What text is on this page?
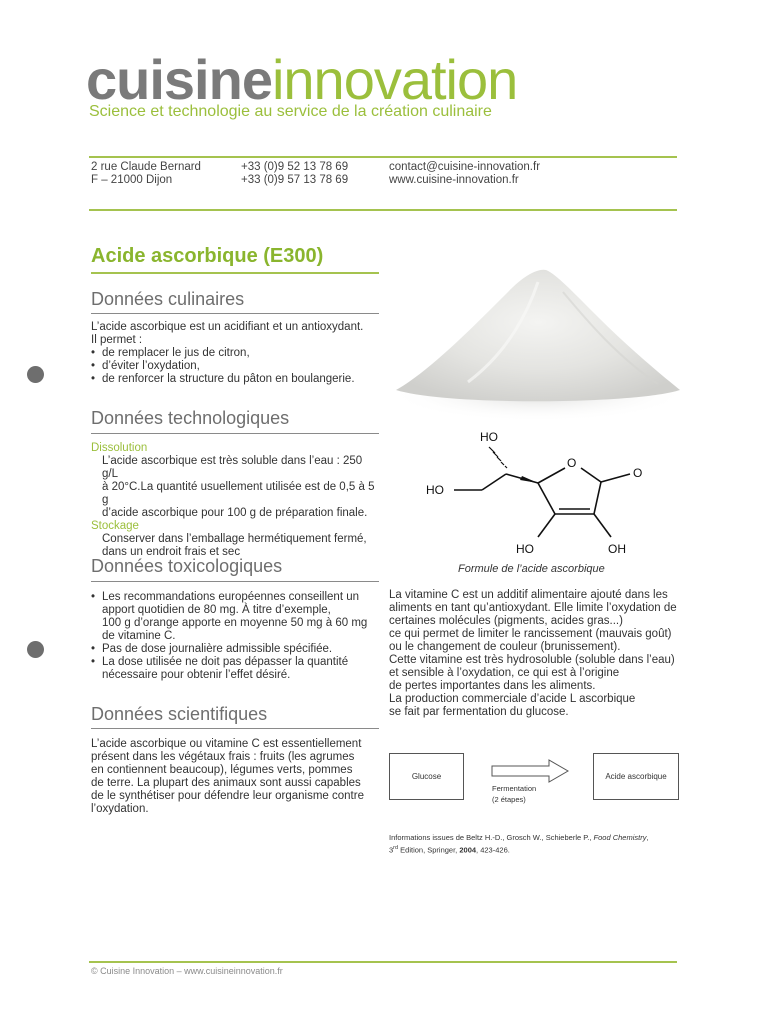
cuisineinnovation
Science et technologie au service de la création culinaire
2 rue Claude Bernard
F – 21000 Dijon
+33 (0)9 52 13 78 69
+33 (0)9 57 13 78 69
contact@cuisine-innovation.fr
www.cuisine-innovation.fr
Acide ascorbique (E300)
Données culinaires
L’acide ascorbique est un acidifiant et un antioxydant.
Il permet :
• de remplacer le jus de citron,
• d’éviter l’oxydation,
• de renforcer la structure du pâton en boulangerie.
Données technologiques
Dissolution
L’acide ascorbique est très soluble dans l’eau : 250 g/L
à 20°C.La quantité usuellement utilisée est de 0,5 à 5 g
d’acide ascorbique pour 100 g de préparation finale.
Stockage
Conserver dans l’emballage hermétiquement fermé,
dans un endroit frais et sec
Données toxicologiques
• Les recommandations européennes conseillent un
apport quotidien de 80 mg. À titre d’exemple,
100 g d’orange apporte en moyenne 50 mg à 60 mg
de vitamine C.
• Pas de dose journalière admissible spécifiée.
• La dose utilisée ne doit pas dépasser la quantité
nécessaire pour obtenir l’effet désiré.
Données scientifiques
L’acide ascorbique ou vitamine C est essentiellement
présent dans les végétaux frais : fruits (les agrumes
en contiennent beaucoup), légumes verts, pommes
de terre. La plupart des animaux sont aussi capables
de le synthétiser pour défendre leur organisme contre
l’oxydation.
HO
O
O
HO
HO	OH
Formule de l’acide ascorbique
La vitamine C est un additif alimentaire ajouté dans les
aliments en tant qu’antioxydant. Elle limite l’oxydation de
certaines molécules (pigments, acides gras...)
ce qui permet de limiter le rancissement (mauvais goût)
ou le changement de couleur (brunissement).
Cette vitamine est très hydrosoluble (soluble dans l’eau)
et sensible à l’oxydation, ce qui est à l’origine
de pertes importantes dans les aliments.
La production commerciale d’acide L ascorbique
se fait par fermentation du glucose.
Glucose
Fermentation
(2 étapes)
Acide ascorbique
Informations issues de Beltz H.-D., Grosch W., Schieberle P., Food Chemistry,
3rd Edition, Springer, 2004, 423-426.
© Cuisine Innovation – www.cuisineinnovation.fr
